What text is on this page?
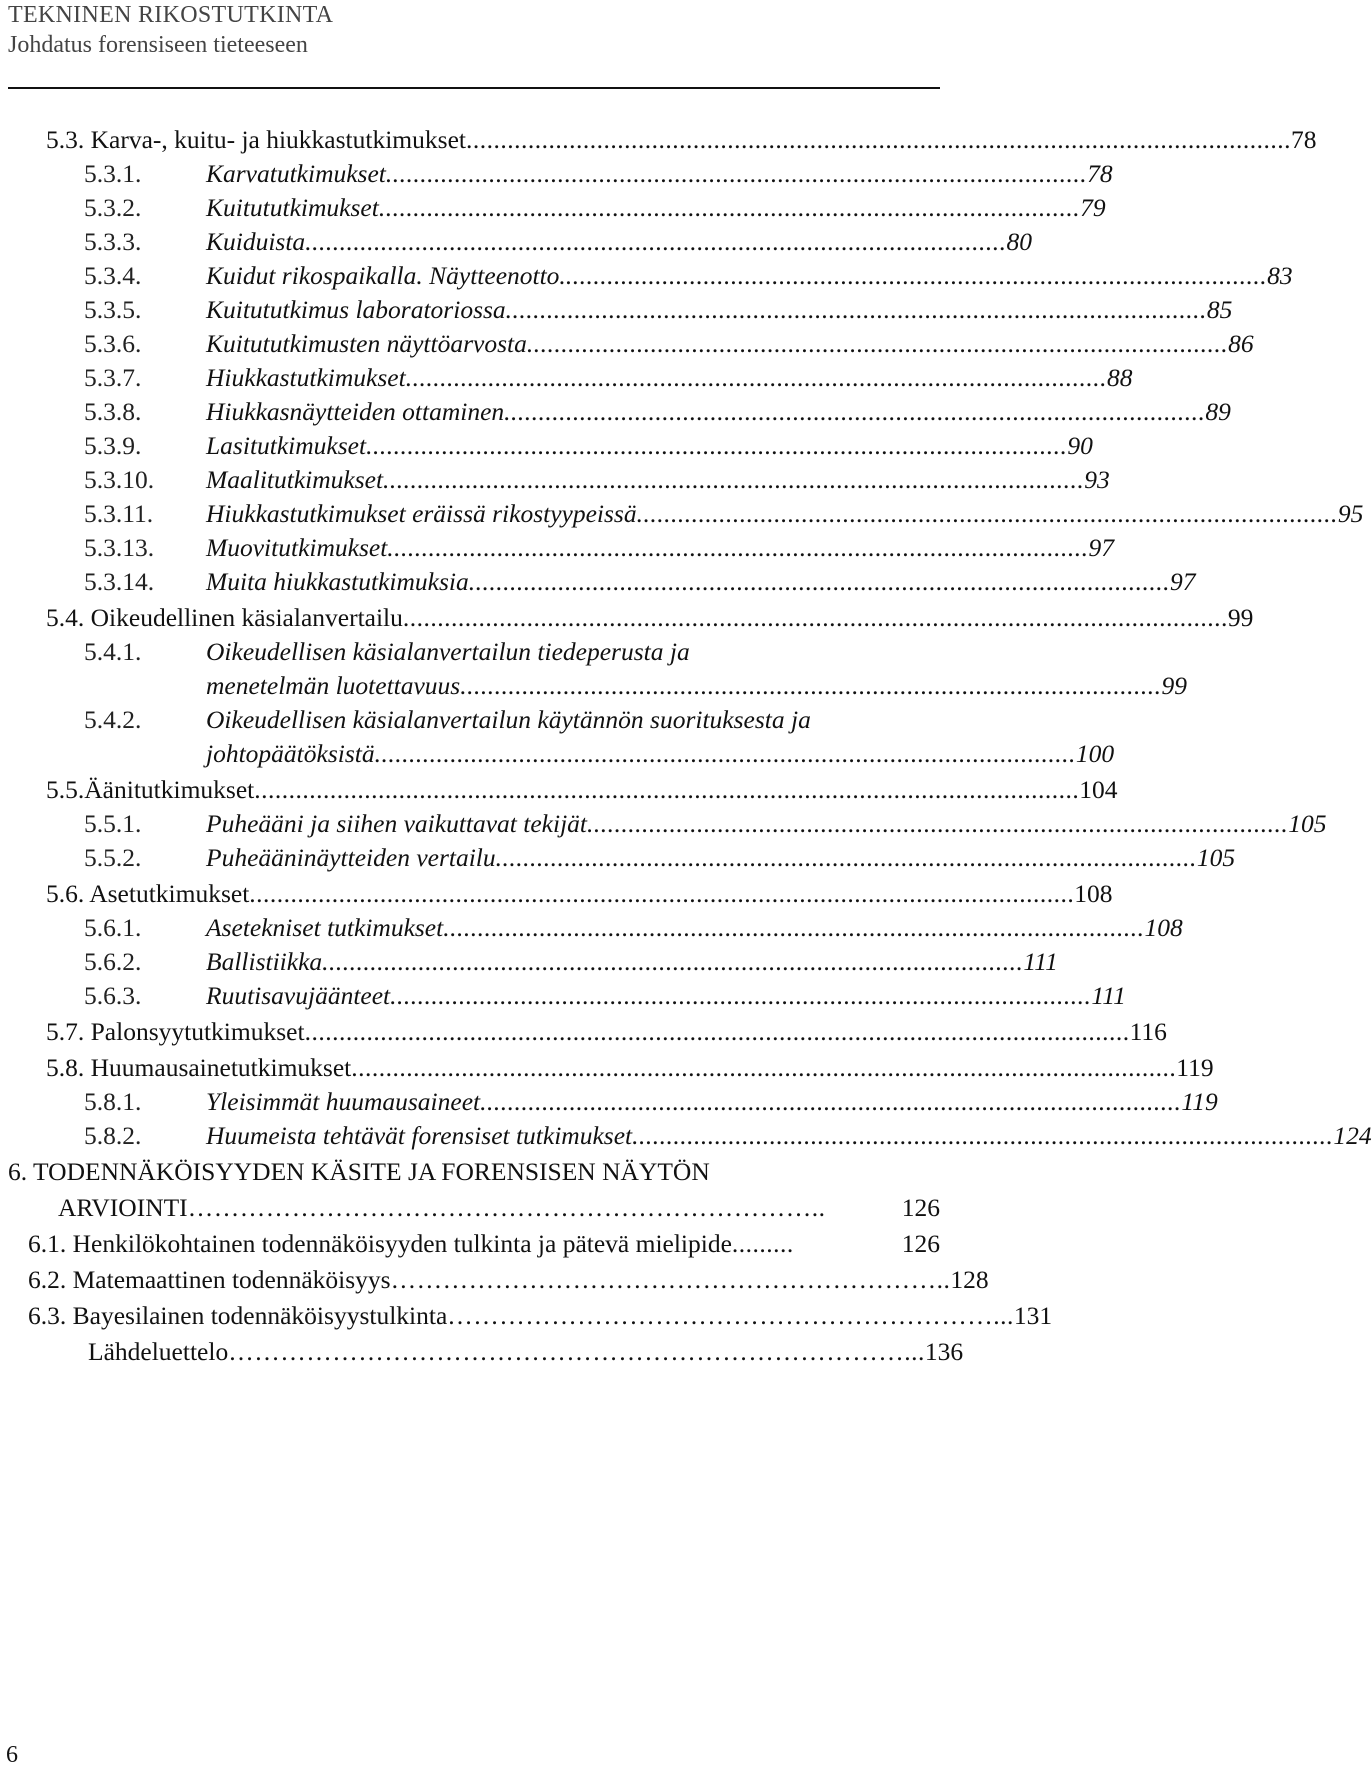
TEKNINEN RIKOSTUTKINTA
Johdatus forensiseen tieteeseen
5.3. Karva-, kuitu- ja hiukkastutkimukset ........................................................................................................................ 78
5.3.1.	Karvatutkimukset ...................................................................................................... 78
5.3.2.	Kuitututkimukset ...................................................................................................... 79
5.3.3.	Kuiduista ...................................................................................................... 80
5.3.4.	Kuidut rikospaikalla. Näytteenotto. ...................................................................................................... 83
5.3.5.	Kuitututkimus laboratoriossa ...................................................................................................... 85
5.3.6.	Kuitututkimusten näyttöarvosta ...................................................................................................... 86
5.3.7.	Hiukkastutkimukset ...................................................................................................... 88
5.3.8.	Hiukkasnäytteiden ottaminen ...................................................................................................... 89
5.3.9.	Lasitutkimukset ...................................................................................................... 90
5.3.10. Maalitutkimukset ...................................................................................................... 93
5.3.11. Hiukkastutkimukset eräissä rikostyypeissä ...................................................................................................... 95
5.3.13. Muovitutkimukset ...................................................................................................... 97
5.3.14. Muita hiukkastutkimuksia ...................................................................................................... 97
5.4. Oikeudellinen käsialanvertailu ........................................................................................................................ 99
5.4.1.	Oikeudellisen käsialanvertailun tiedeperusta ja
menetelmän luotettavuus ...................................................................................................... 99
5.4.2.	Oikeudellisen käsialanvertailun käytännön suorituksesta ja
johtopäätöksistä ...................................................................................................... 100
5.5.Äänitutkimukset ........................................................................................................................ 104
5.5.1.	Puheääni ja siihen vaikuttavat tekijät ...................................................................................................... 105
5.5.2.	Puheääninäytteiden vertailu ...................................................................................................... 105
5.6. Asetutkimukset ........................................................................................................................ 108
5.6.1.	Asetekniset tutkimukset ...................................................................................................... 108
5.6.2.	Ballistiikka ...................................................................................................... 111
5.6.3.	Ruutisavujäänteet ...................................................................................................... 111
5.7. Palonsyytutkimukset ........................................................................................................................ 116
5.8. Huumausainetutkimukset ........................................................................................................................ 119
5.8.1.	Yleisimmät huumausaineet ...................................................................................................... 119
5.8.2.	Huumeista tehtävät forensiset tutkimukset ...................................................................................................... 124
6. TODENNÄKÖISYYDEN KÄSITE JA FORENSISEN NÄYTÖN
ARVIOINTI ………………………………………………………………..	126
6.1. Henkilökohtainen todennäköisyyden tulkinta ja pätevä mielipide .........	126
6.2. Matemaattinen todennäköisyys ……………………………………………………….. 128
6.3. Bayesilainen todennäköisyystulkinta ………………………………………………………... 131
Lähdeluettelo ……………………………………………………………………... 136
6
